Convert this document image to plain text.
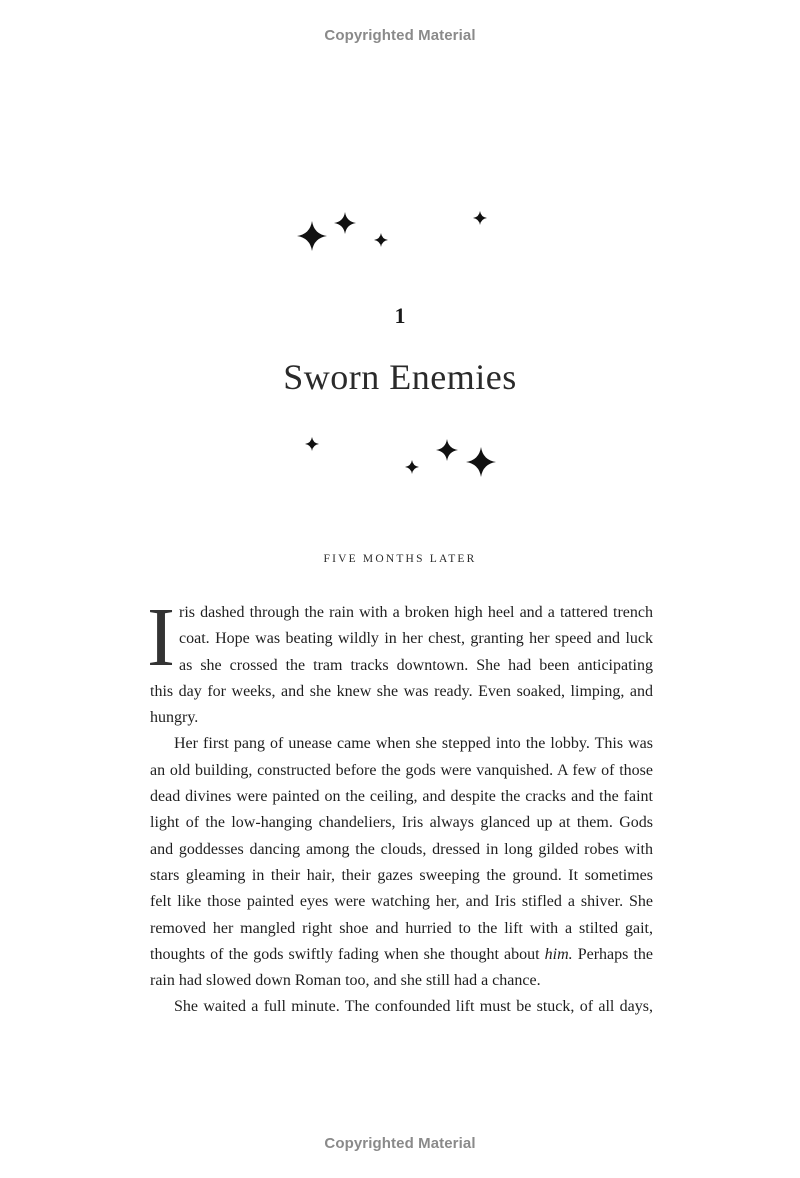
Copyrighted Material
1
Sworn Enemies
FIVE MONTHS LATER
I ris dashed through the rain with a broken high heel and a tattered trench
coat. Hope was beating wildly in her chest, granting her speed and luck
as she crossed the tram tracks downtown. She had been anticipating
this day for weeks, and she knew she was ready. Even soaked, limping, and
hungry.
Her first pang of unease came when she stepped into the lobby. This was
an old building, constructed before the gods were vanquished. A few of those
dead divines were painted on the ceiling, and despite the cracks and the faint
light of the low-hanging chandeliers, Iris always glanced up at them. Gods
and goddesses dancing among the clouds, dressed in long gilded robes with
stars gleaming in their hair, their gazes sweeping the ground. It sometimes
felt like those painted eyes were watching her, and Iris stifled a shiver. She
removed her mangled right shoe and hurried to the lift with a stilted gait,
thoughts of the gods swiftly fading when she thought about him. Perhaps the
rain had slowed down Roman too, and she still had a chance.
She waited a full minute. The confounded lift must be stuck, of all days,
Copyrighted Material
